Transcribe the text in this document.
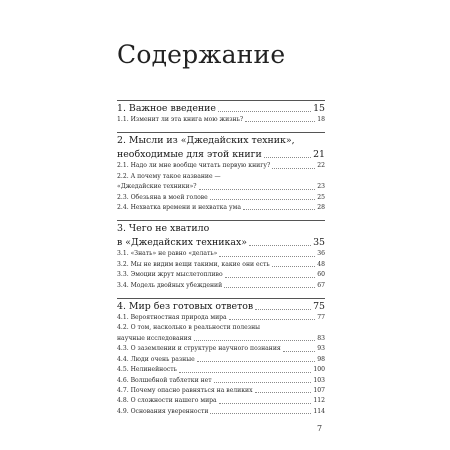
Содержание
1. Важное введение	15
1.1. Изменит ли эта книга мою жизнь?	18
2. Мысли из «Джедайских техник»,
необходимые для этой книги	21
2.1. Надо ли мне вообще читать первую книгу?	22
2.2. А почему такое название —
«Джедайские техники»?	23
2.3. Обезьяна в моей голове	25
2.4. Нехватка времени и нехватка ума	28
3. Чего не хватило
в «Джедайских техниках»	35
3.1. «Знать» не равно «делать»	36
3.2. Мы не видим вещи такими, какие они есть	48
3.3. Эмоции жрут мыслетопливо	60
3.4. Модель двойных убеждений	67
4. Мир без готовых ответов	75
4.1. Вероятностная природа мира	77
4.2. О том, насколько в реальности полезны
научные исследования	83
4.3. О заземлении и структуре научного познания	93
4.4. Люди очень разные	98
4.5. Нелинейность	100
4.6. Волшебной таблетки нет	103
4.7. Почему опасно равняться на великих	107
4.8. О сложности нашего мира	112
4.9. Основания уверенности	114
7
